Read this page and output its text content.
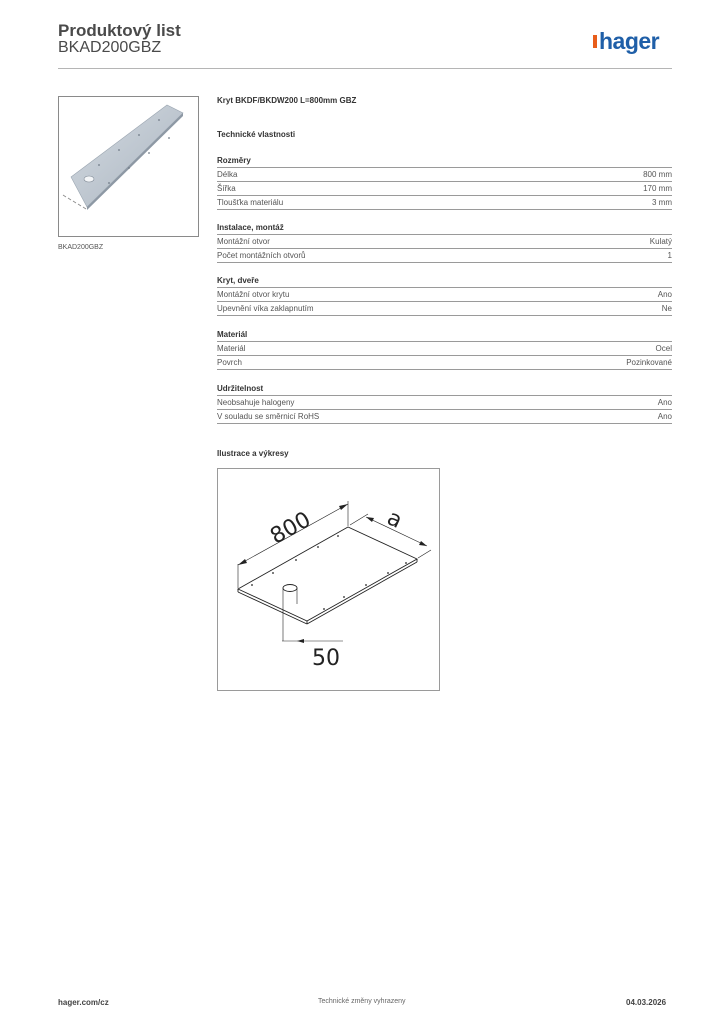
Produktový list
BKAD200GBZ	hager
BKAD200GBZ
Kryt BKDF/BKDW200 L=800mm GBZ
Technické vlastnosti
Rozměry
Délka	800 mm
Šířka	170 mm
Tloušťka materiálu	3 mm
Instalace, montáž
Montážní otvor	Kulatý
Počet montážních otvorů	1
Kryt, dveře
Montážní otvor krytu	Ano
Upevnění víka zaklapnutím	Ne
Materiál
Materiál	Ocel
Povrch	Pozinkované
Udržitelnost
Neobsahuje halogeny	Ano
V souladu se směrnicí RoHS	Ano
Ilustrace a výkresy
800	a
50
hager.com/cz	Technické změny vyhrazeny	04.03.2026
